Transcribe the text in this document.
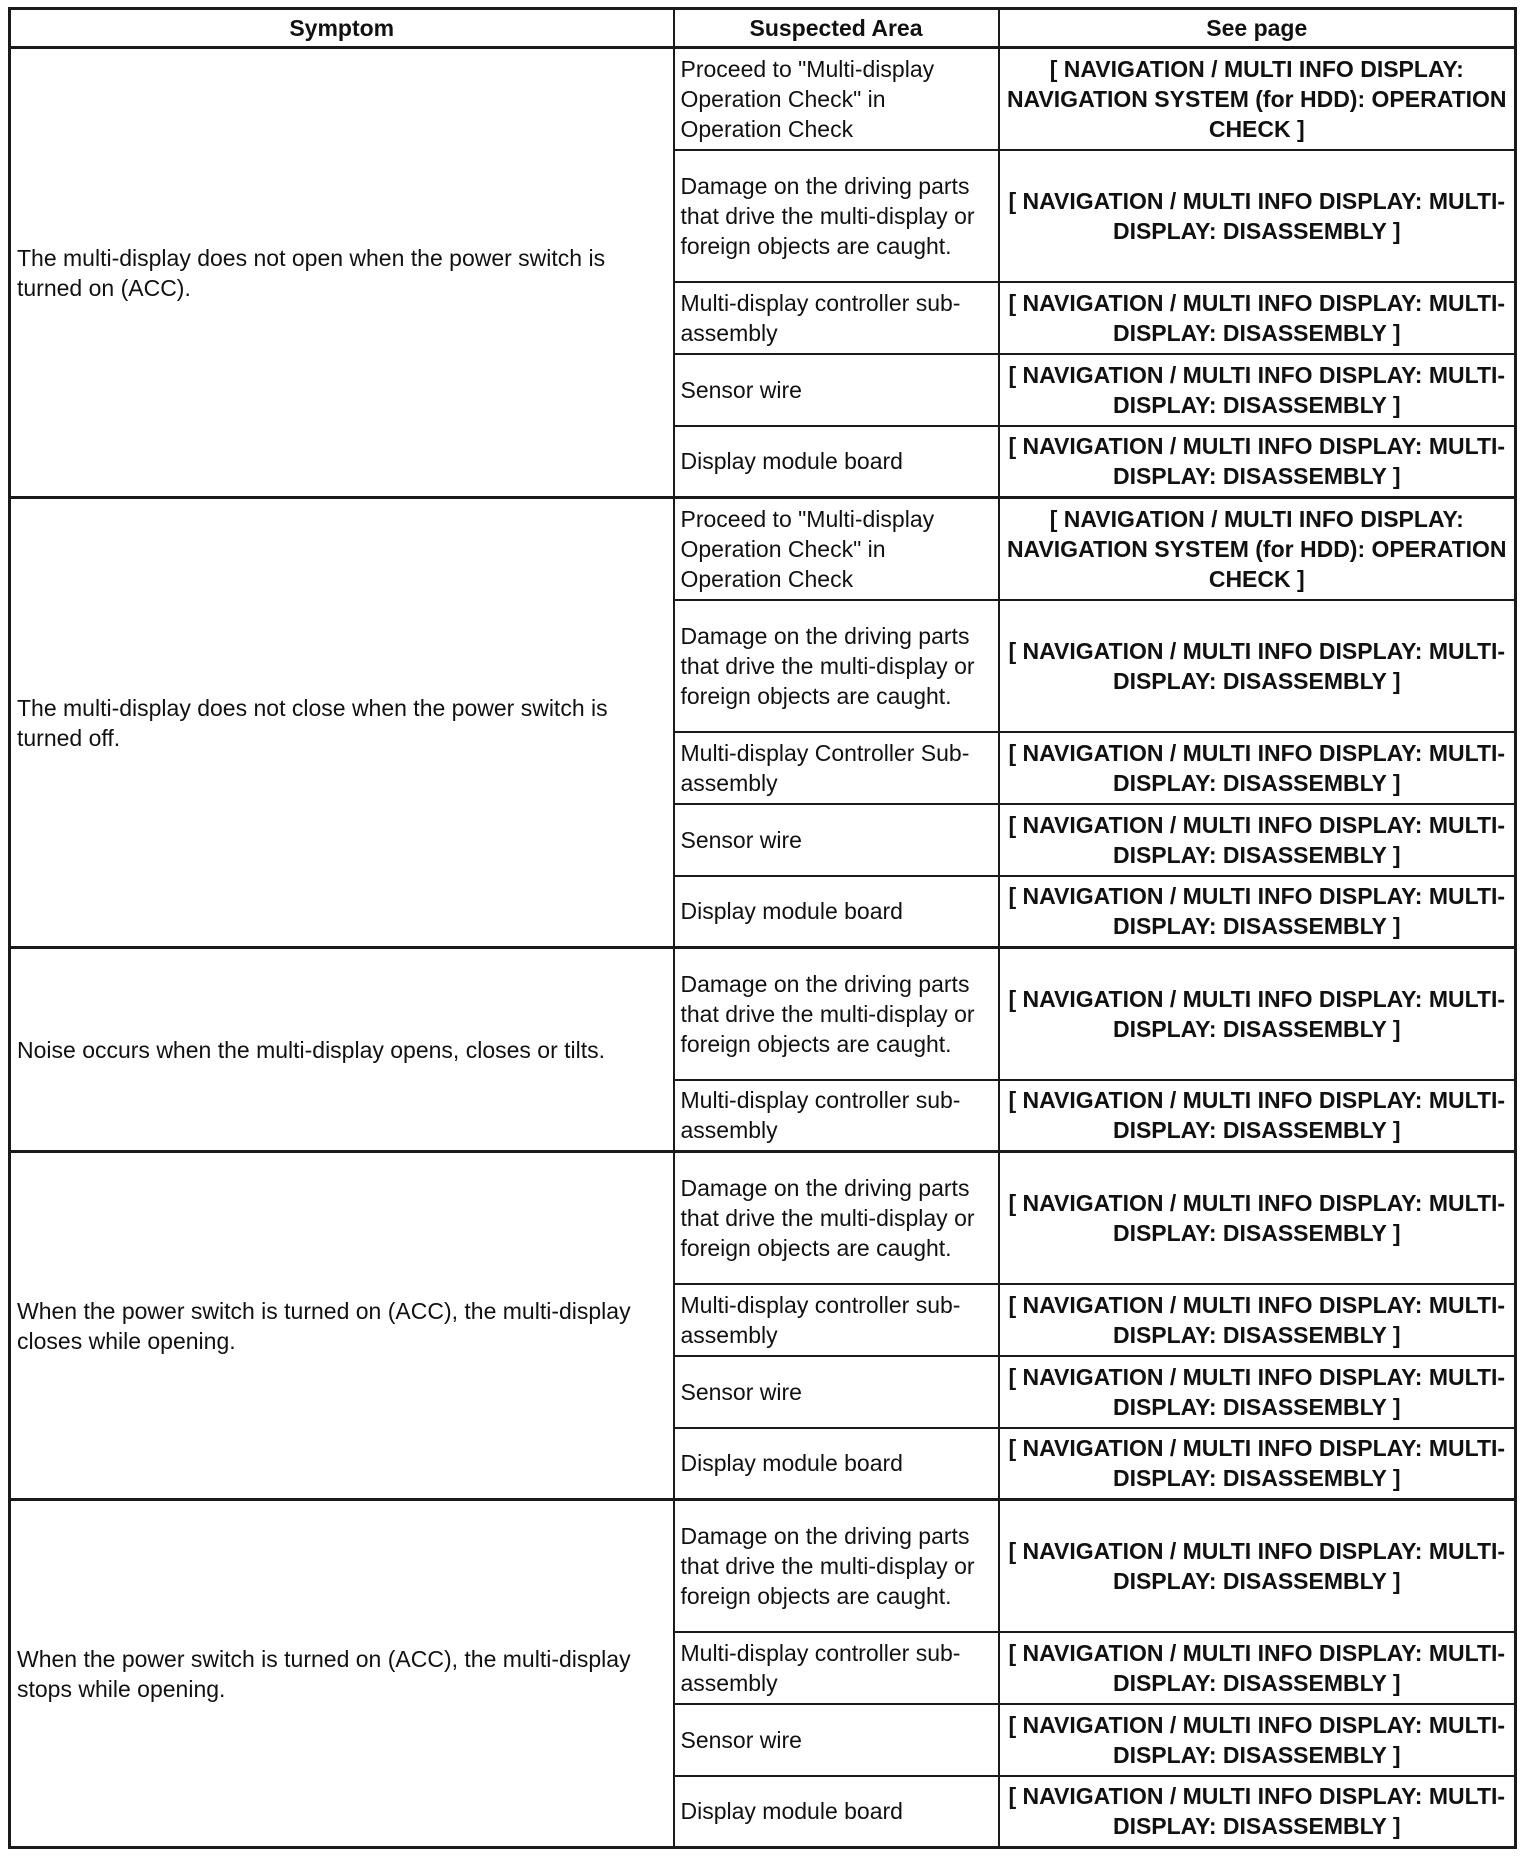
Symptom	Suspected Area	See page
The multi-display does not open when the power switch is turned on (ACC).	Proceed to "Multi-display Operation Check" in Operation Check	[ NAVIGATION / MULTI INFO DISPLAY: NAVIGATION SYSTEM (for HDD): OPERATION CHECK ]
	Damage on the driving parts that drive the multi-display or foreign objects are caught.	[ NAVIGATION / MULTI INFO DISPLAY: MULTI-DISPLAY: DISASSEMBLY ]
	Multi-display controller sub-assembly	[ NAVIGATION / MULTI INFO DISPLAY: MULTI-DISPLAY: DISASSEMBLY ]
	Sensor wire	[ NAVIGATION / MULTI INFO DISPLAY: MULTI-DISPLAY: DISASSEMBLY ]
	Display module board	[ NAVIGATION / MULTI INFO DISPLAY: MULTI-DISPLAY: DISASSEMBLY ]
The multi-display does not close when the power switch is turned off.	Proceed to "Multi-display Operation Check" in Operation Check	[ NAVIGATION / MULTI INFO DISPLAY: NAVIGATION SYSTEM (for HDD): OPERATION CHECK ]
	Damage on the driving parts that drive the multi-display or foreign objects are caught.	[ NAVIGATION / MULTI INFO DISPLAY: MULTI-DISPLAY: DISASSEMBLY ]
	Multi-display Controller Sub-assembly	[ NAVIGATION / MULTI INFO DISPLAY: MULTI-DISPLAY: DISASSEMBLY ]
	Sensor wire	[ NAVIGATION / MULTI INFO DISPLAY: MULTI-DISPLAY: DISASSEMBLY ]
	Display module board	[ NAVIGATION / MULTI INFO DISPLAY: MULTI-DISPLAY: DISASSEMBLY ]
Noise occurs when the multi-display opens, closes or tilts.	Damage on the driving parts that drive the multi-display or foreign objects are caught.	[ NAVIGATION / MULTI INFO DISPLAY: MULTI-DISPLAY: DISASSEMBLY ]
	Multi-display controller sub-assembly	[ NAVIGATION / MULTI INFO DISPLAY: MULTI-DISPLAY: DISASSEMBLY ]
When the power switch is turned on (ACC), the multi-display closes while opening.	Damage on the driving parts that drive the multi-display or foreign objects are caught.	[ NAVIGATION / MULTI INFO DISPLAY: MULTI-DISPLAY: DISASSEMBLY ]
	Multi-display controller sub-assembly	[ NAVIGATION / MULTI INFO DISPLAY: MULTI-DISPLAY: DISASSEMBLY ]
	Sensor wire	[ NAVIGATION / MULTI INFO DISPLAY: MULTI-DISPLAY: DISASSEMBLY ]
	Display module board	[ NAVIGATION / MULTI INFO DISPLAY: MULTI-DISPLAY: DISASSEMBLY ]
When the power switch is turned on (ACC), the multi-display stops while opening.	Damage on the driving parts that drive the multi-display or foreign objects are caught.	[ NAVIGATION / MULTI INFO DISPLAY: MULTI-DISPLAY: DISASSEMBLY ]
	Multi-display controller sub-assembly	[ NAVIGATION / MULTI INFO DISPLAY: MULTI-DISPLAY: DISASSEMBLY ]
	Sensor wire	[ NAVIGATION / MULTI INFO DISPLAY: MULTI-DISPLAY: DISASSEMBLY ]
	Display module board	[ NAVIGATION / MULTI INFO DISPLAY: MULTI-DISPLAY: DISASSEMBLY ]
